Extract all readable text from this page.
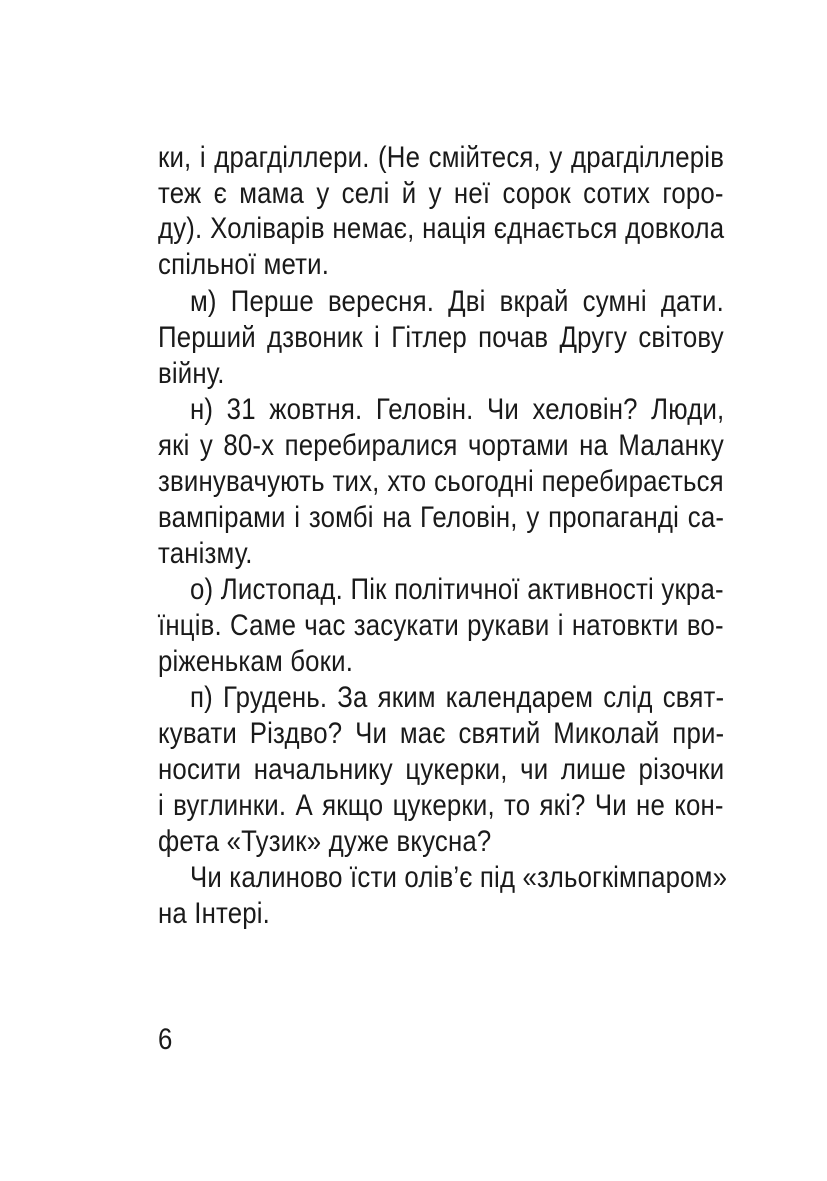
ки, і драгділлери. (Не смійтеся, у драгділлерів
теж є мама у селі й у неї сорок сотих горо-
ду). Холіварів немає, нація єднається довкола
спільної мети.
м) Перше вересня. Дві вкрай сумні дати.
Перший дзвоник і Гітлер почав Другу світову
війну.
н) 31 жовтня. Геловін. Чи хеловін? Люди,
які у 80-х перебиралися чортами на Маланку
звинувачують тих, хто сьогодні перебирається
вампірами і зомбі на Геловін, у пропаганді са-
танізму.
о) Листопад. Пік політичної активності укра-
їнців. Саме час засукати рукави і натовкти во-
ріженькам боки.
п) Грудень. За яким календарем слід свят-
кувати Різдво? Чи має святий Миколай при-
носити начальнику цукерки, чи лише різочки
і вуглинки. А якщо цукерки, то які? Чи не кон-
фета «Тузик» дуже вкусна?
Чи калиново їсти олів’є під «зльогкімпаром»
на Інтері.
6
